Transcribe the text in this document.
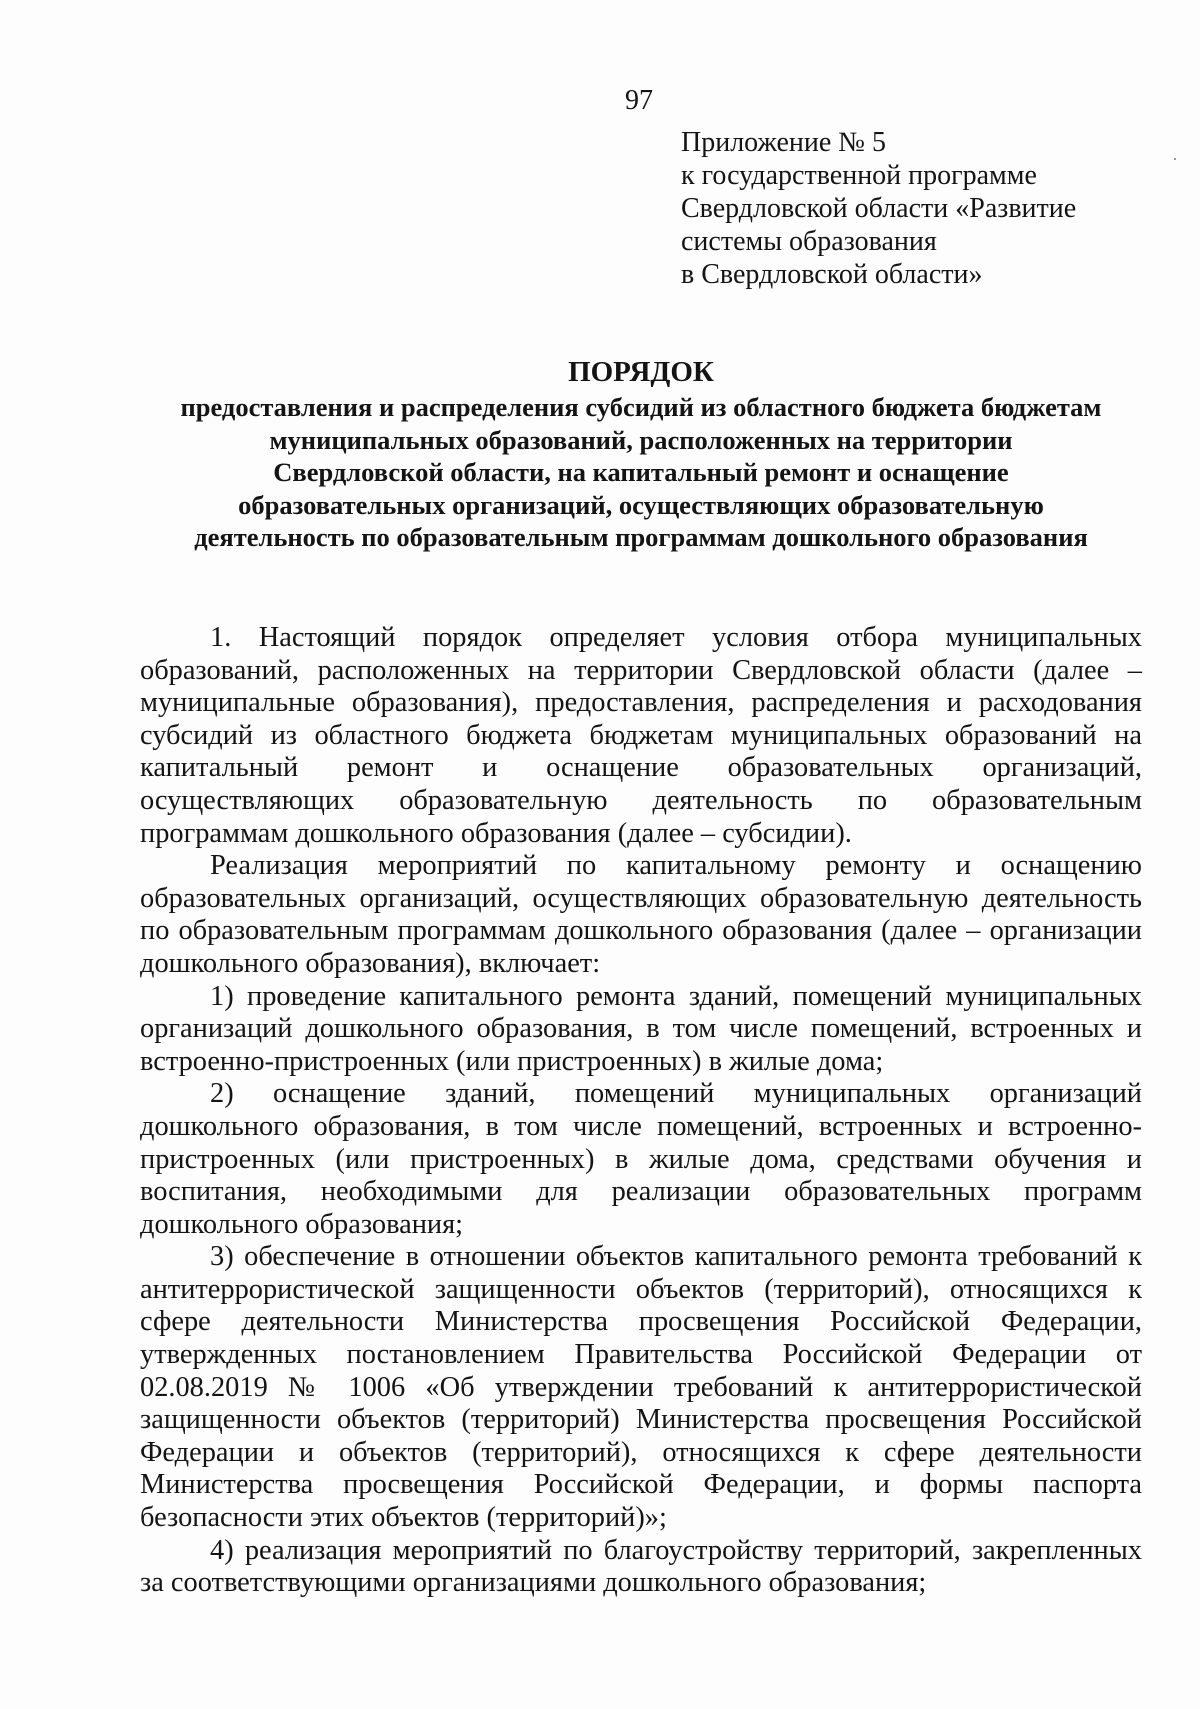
97
Приложение № 5
к государственной программе
Свердловской области «Развитие
системы образования
в Свердловской области»
ПОРЯДОК
предоставления и распределения субсидий из областного бюджета бюджетам
муниципальных образований, расположенных на территории
Свердловской области, на капитальный ремонт и оснащение
образовательных организаций, осуществляющих образовательную
деятельность по образовательным программам дошкольного образования

1. Настоящий порядок определяет условия отбора муниципальных образований, расположенных на территории Свердловской области (далее – муниципальные образования), предоставления, распределения и расходования субсидий из областного бюджета бюджетам муниципальных образований на капитальный ремонт и оснащение образовательных организаций, осуществляющих образовательную деятельность по образовательным программам дошкольного образования (далее – субсидии).

Реализация мероприятий по капитальному ремонту и оснащению образовательных организаций, осуществляющих образовательную деятельность по образовательным программам дошкольного образования (далее – организации дошкольного образования), включает:

1) проведение капитального ремонта зданий, помещений муниципальных организаций дошкольного образования, в том числе помещений, встроенных и встроенно-пристроенных (или пристроенных) в жилые дома;

2) оснащение зданий, помещений муниципальных организаций дошкольного образования, в том числе помещений, встроенных и встроенно-пристроенных (или пристроенных) в жилые дома, средствами обучения и воспитания, необходимыми для реализации образовательных программ дошкольного образования;

3) обеспечение в отношении объектов капитального ремонта требований к антитеррористической защищенности объектов (территорий), относящихся к сфере деятельности Министерства просвещения Российской Федерации, утвержденных постановлением Правительства Российской Федерации от 02.08.2019 № 1006 «Об утверждении требований к антитеррористической защищенности объектов (территорий) Министерства просвещения Российской Федерации и объектов (территорий), относящихся к сфере деятельности Министерства просвещения Российской Федерации, и формы паспорта безопасности этих объектов (территорий)»;

4) реализация мероприятий по благоустройству территорий, закрепленных за соответствующими организациями дошкольного образования;
